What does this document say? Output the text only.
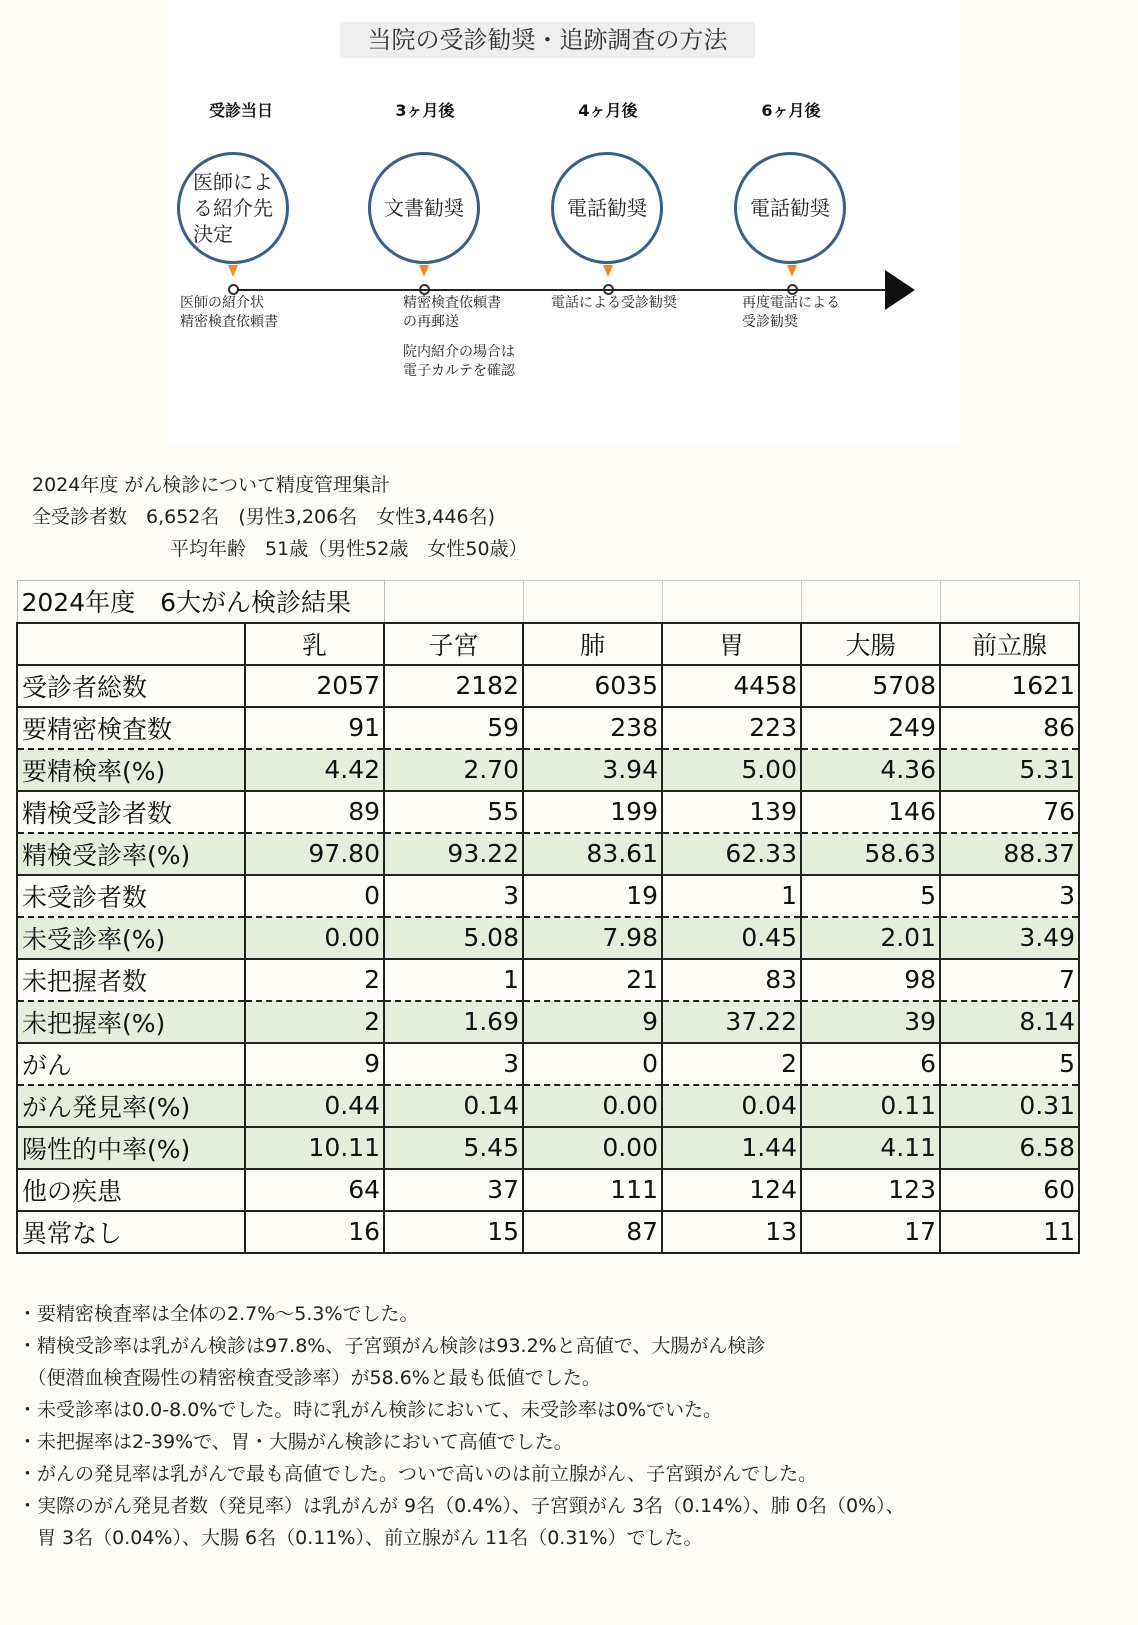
当院の受診勧奨・追跡調査の方法
受診当日
医師によ
る紹介先
決定
医師の紹介状
精密検査依頼書
3ヶ月後
文書勧奨
精密検査依頼書
の再郵送
院内紹介の場合は
電子カルテを確認
4ヶ月後
電話勧奨
電話による受診勧奨
6ヶ月後
電話勧奨
再度電話による
受診勧奨
2024年度 がん検診について精度管理集計
全受診者数　6,652名　(男性3,206名　女性3,446名)
平均年齢　51歳（男性52歳　女性50歳）
2024年度　6大がん検診結果						
	乳	子宮	肺	胃	大腸	前立腺
受診者総数	2057	2182	6035	4458	5708	1621
要精密検査数	91	59	238	223	249	86
要精検率(%)	4.42	2.70	3.94	5.00	4.36	5.31
精検受診者数	89	55	199	139	146	76
精検受診率(%)	97.80	93.22	83.61	62.33	58.63	88.37
未受診者数	0	3	19	1	5	3
未受診率(%)	0.00	5.08	7.98	0.45	2.01	3.49
未把握者数	2	1	21	83	98	7
未把握率(%)	2	1.69	9	37.22	39	8.14
がん	9	3	0	2	6	5
がん発見率(%)	0.44	0.14	0.00	0.04	0.11	0.31
陽性的中率(%)	10.11	5.45	0.00	1.44	4.11	6.58
他の疾患	64	37	111	124	123	60
異常なし	16	15	87	13	17	11
・要精密検査率は全体の2.7%～5.3%でした。
・精検受診率は乳がん検診は97.8%、子宮頸がん検診は93.2%と高値で、大腸がん検診
　（便潜血検査陽性の精密検査受診率）が58.6%と最も低値でした。
・未受診率は0.0-8.0%でした。時に乳がん検診において、未受診率は0%でいた。
・未把握率は2-39%で、胃・大腸がん検診において高値でした。
・がんの発見率は乳がんで最も高値でした。ついで高いのは前立腺がん、子宮頸がんでした。
・実際のがん発見者数（発見率）は乳がんが 9名（0.4%）、子宮頸がん 3名（0.14%）、肺 0名（0%）、
　胃 3名（0.04%）、大腸 6名（0.11%）、前立腺がん 11名（0.31%）でした。
